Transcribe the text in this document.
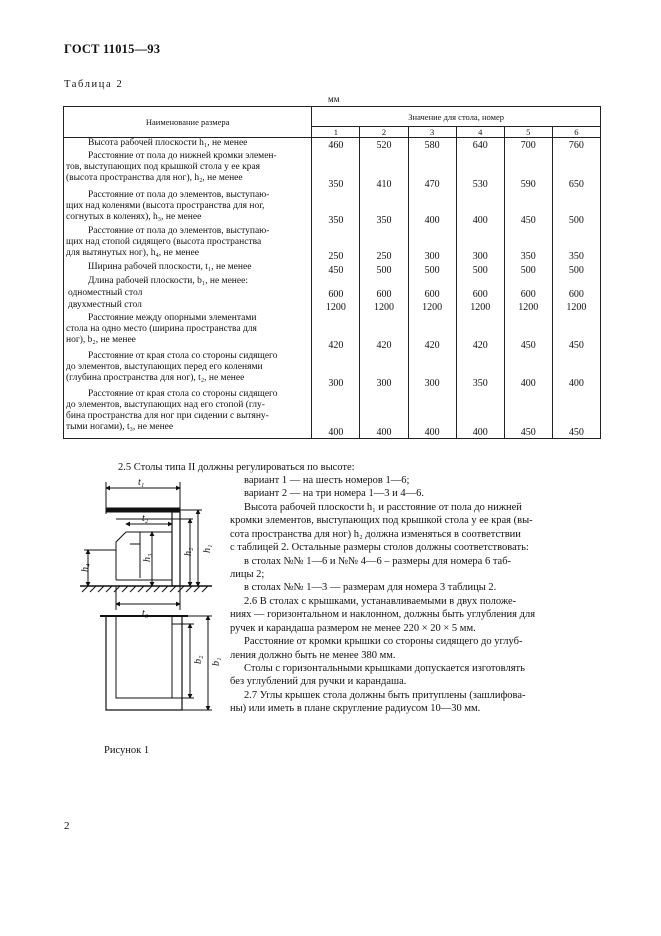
ГОСТ 11015—93
Таблица 2
мм
Наименование размера	Значение для стола, номер					
	1	2	3	4	5	6

Высота рабочей плоскости h₁, не менее	460	520	580	640	700	760

Расстояние от пола до нижней кромки элемен-
тов, выступающих под крышкой стола у ее края
(высота пространства для ног), h₂, не менее	350	410	470	530	590	650

Расстояние от пола до элементов, выступаю-
щих над коленями (высота пространства для ног,
согнутых в коленях), h₃, не менее	350	350	400	400	450	500

Расстояние от пола до элементов, выступаю-
щих над стопой сидящего (высота пространства
для вытянутых ног), h₄, не менее	250	250	300	300	350	350

Ширина рабочей плоскости, t₁, не менее	450	500	500	500	500	500

Длина рабочей плоскости, b₁, не менее:						

одноместный стол	600	600	600	600	600	600

двухместный стол	1200	1200	1200	1200	1200	1200

Расстояние между опорными элементами
стола на одно место (ширина пространства для
ног), b₂, не менее	420	420	420	420	450	450

Расстояние от края стола со стороны сидящего
до элементов, выступающих перед его коленями
(глубина пространства для ног), t₂, не менее	300	300	300	350	400	400

Расстояние от края стола со стороны сидящего
до элементов, выступающих над его стопой (глу-
бина пространства для ног при сидении с вытяну-
тыми ногами), t₃, не менее	400	400	400	400	450	450
t₁
t₂
t₃
h₁
h₂
h₃
h₄
b₁
b₂
Рисунок 1
2.5 Столы типа II должны регулироваться по высоте:
вариант 1 — на шесть номеров 1—6;
вариант 2 — на три номера 1—3 и 4—6.
Высота рабочей плоскости h₁ и расстояние от пола до нижней
кромки элементов, выступающих под крышкой стола у ее края (вы-
сота пространства для ног) h₂ должна изменяться в соответствии
с таблицей 2. Остальные размеры столов должны соответствовать:
в столах №№ 1—6 и №№ 4—6 – размеры для номера 6 таб-
лицы 2;
в столах №№ 1—3 — размерам для номера 3 таблицы 2.
2.6 В столах с крышками, устанавливаемыми в двух положе-
ниях — горизонтальном и наклонном, должны быть углубления для
ручек и карандаша размером не менее 220 × 20 × 5 мм.
Расстояние от кромки крышки со стороны сидящего до углуб-
ления должно быть не менее 380 мм.
Столы с горизонтальными крышками допускается изготовлять
без углублений для ручки и карандаша.
2.7 Углы крышек стола должны быть притуплены (зашлифова-
ны) или иметь в плане скругление радиусом 10—30 мм.
2
